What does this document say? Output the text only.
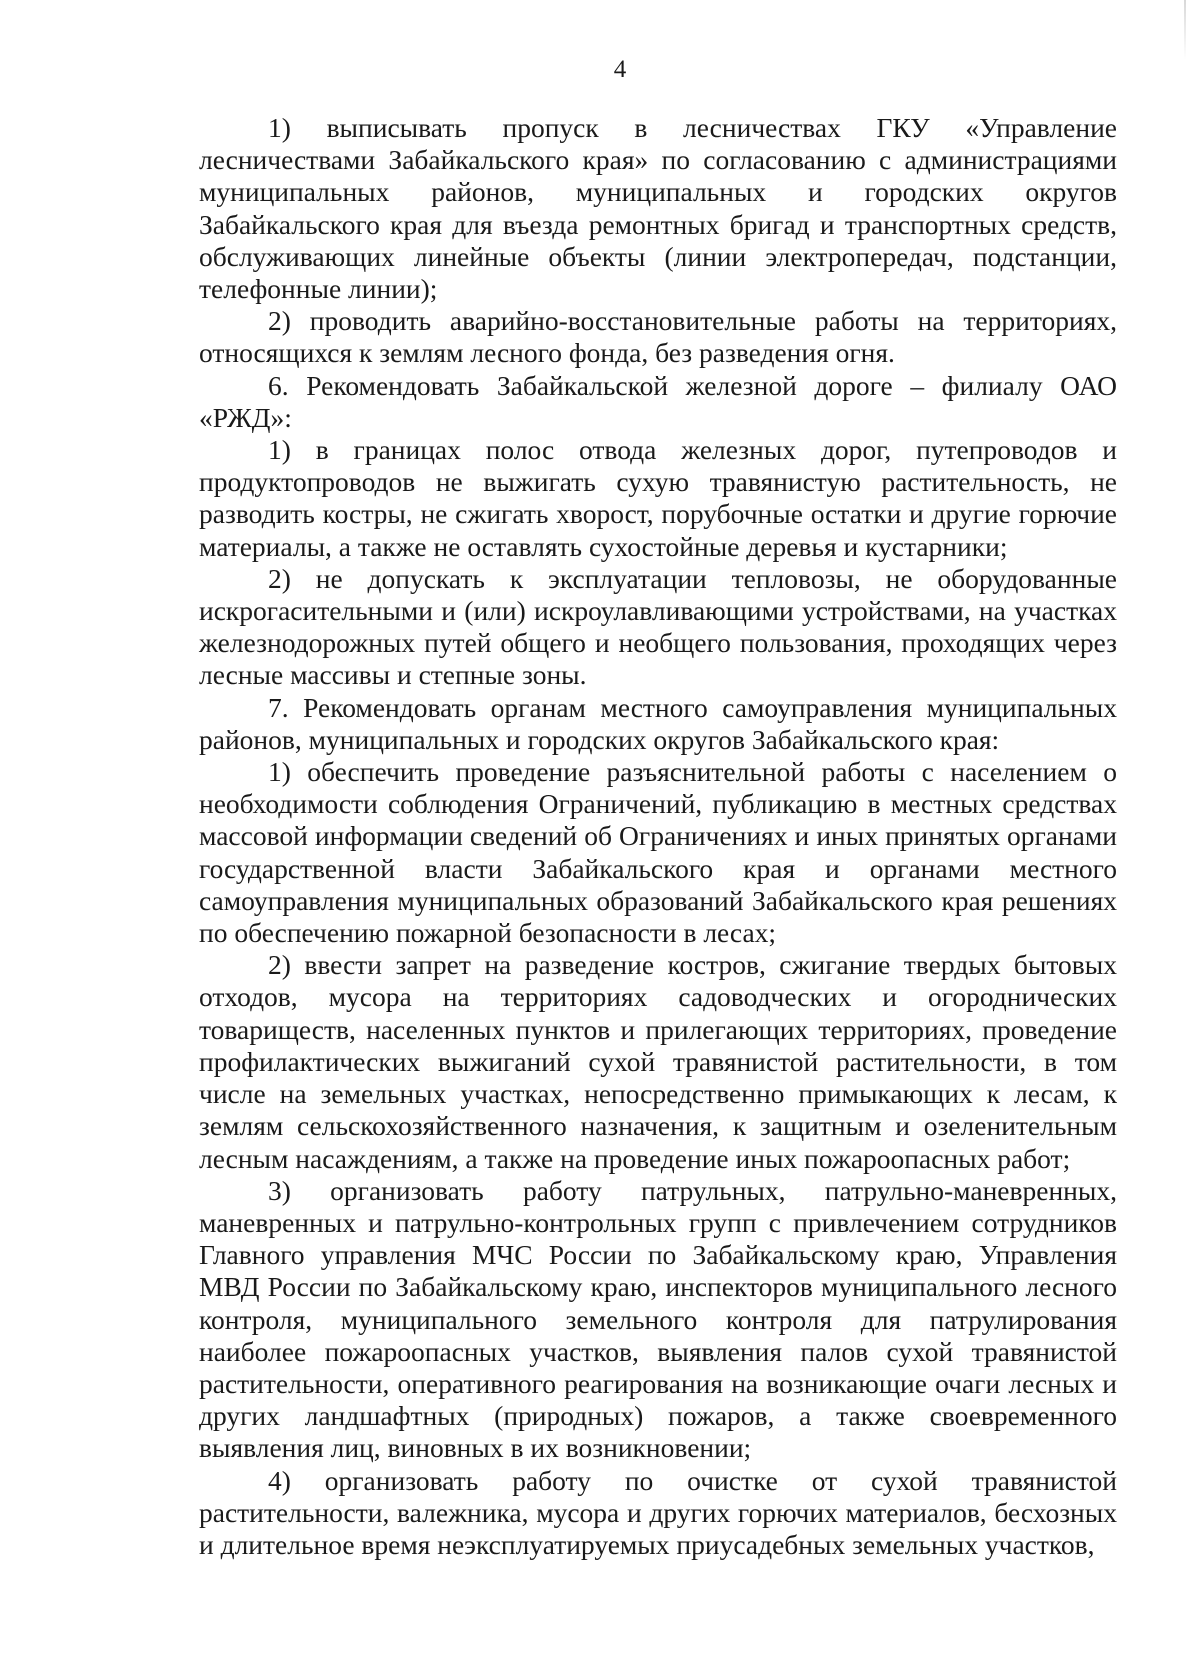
4

1) выписывать пропуск в лесничествах ГКУ «Управление лесничествами Забайкальского края» по согласованию с администрациями муниципальных районов, муниципальных и городских округов Забайкальского края для въезда ремонтных бригад и транспортных средств, обслуживающих линейные объекты (линии электропередач, подстанции, телефонные линии);

2) проводить аварийно-восстановительные работы на территориях, относящихся к землям лесного фонда, без разведения огня.

6. Рекомендовать Забайкальской железной дороге – филиалу ОАО «РЖД»:

1) в границах полос отвода железных дорог, путепроводов и продуктопроводов не выжигать сухую травянистую растительность, не разводить костры, не сжигать хворост, порубочные остатки и другие горючие материалы, а также не оставлять сухостойные деревья и кустарники;

2) не допускать к эксплуатации тепловозы, не оборудованные искрогасительными и (или) искроулавливающими устройствами, на участках железнодорожных путей общего и необщего пользования, проходящих через лесные массивы и степные зоны.

7. Рекомендовать органам местного самоуправления муниципальных районов, муниципальных и городских округов Забайкальского края:

1) обеспечить проведение разъяснительной работы с населением о необходимости соблюдения Ограничений, публикацию в местных средствах массовой информации сведений об Ограничениях и иных принятых органами государственной власти Забайкальского края и органами местного самоуправления муниципальных образований Забайкальского края решениях по обеспечению пожарной безопасности в лесах;

2) ввести запрет на разведение костров, сжигание твердых бытовых отходов, мусора на территориях садоводческих и огороднических товариществ, населенных пунктов и прилегающих территориях, проведение профилактических выжиганий сухой травянистой растительности, в том числе на земельных участках, непосредственно примыкающих к лесам, к землям сельскохозяйственного назначения, к защитным и озеленительным лесным насаждениям, а также на проведение иных пожароопасных работ;

3) организовать работу патрульных, патрульно-маневренных, маневренных и патрульно-контрольных групп с привлечением сотрудников Главного управления МЧС России по Забайкальскому краю, Управления МВД России по Забайкальскому краю, инспекторов муниципального лесного контроля, муниципального земельного контроля для патрулирования наиболее пожароопасных участков, выявления палов сухой травянистой растительности, оперативного реагирования на возникающие очаги лесных и других ландшафтных (природных) пожаров, а также своевременного выявления лиц, виновных в их возникновении;

4) организовать работу по очистке от сухой травянистой растительности, валежника, мусора и других горючих материалов, бесхозных и длительное время неэксплуатируемых приусадебных земельных участков,
